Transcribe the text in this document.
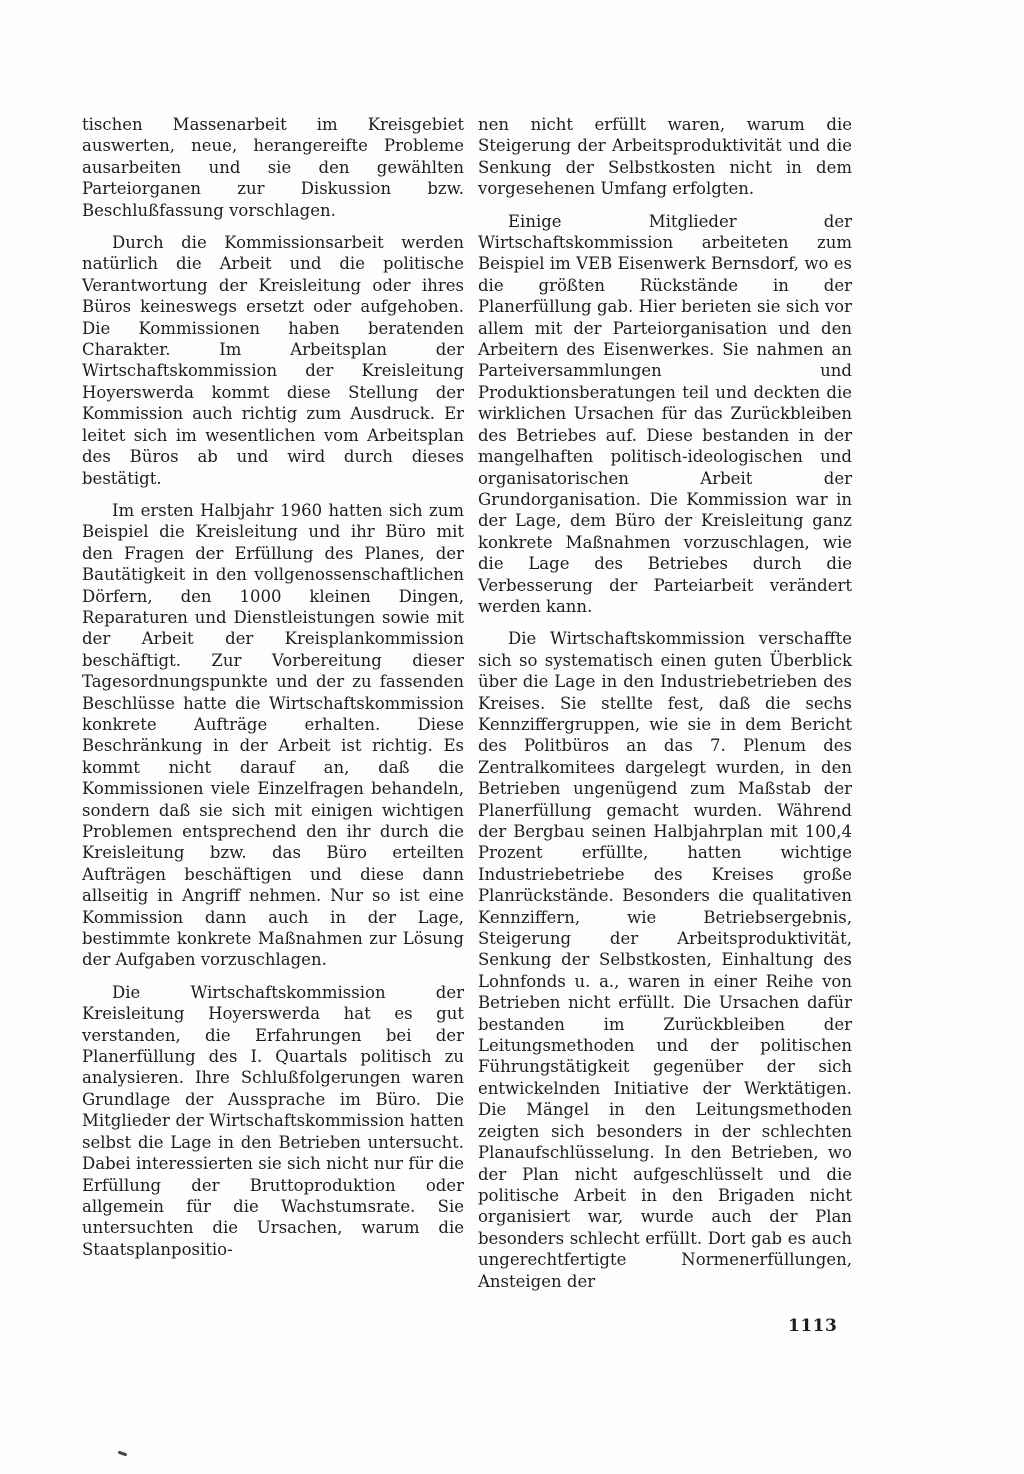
tischen Massenarbeit im Kreisgebiet auswerten, neue, herangereifte Probleme ausarbeiten und sie den gewählten Parteiorganen zur Diskussion bzw. Beschlußfassung vorschlagen.

Durch die Kommissionsarbeit werden natürlich die Arbeit und die politische Verantwortung der Kreisleitung oder ihres Büros keineswegs ersetzt oder aufgehoben. Die Kommissionen haben beratenden Charakter. Im Arbeitsplan der Wirtschaftskommission der Kreisleitung Hoyerswerda kommt diese Stellung der Kommission auch richtig zum Ausdruck. Er leitet sich im wesentlichen vom Arbeitsplan des Büros ab und wird durch dieses bestätigt.

Im ersten Halbjahr 1960 hatten sich zum Beispiel die Kreisleitung und ihr Büro mit den Fragen der Erfüllung des Planes, der Bautätigkeit in den vollgenossenschaftlichen Dörfern, den 1000 kleinen Dingen, Reparaturen und Dienstleistungen sowie mit der Arbeit der Kreisplankommission beschäftigt. Zur Vorbereitung dieser Tagesordnungspunkte und der zu fassenden Beschlüsse hatte die Wirtschaftskommission konkrete Aufträge erhalten. Diese Beschränkung in der Arbeit ist richtig. Es kommt nicht darauf an, daß die Kommissionen viele Einzelfragen behandeln, sondern daß sie sich mit einigen wichtigen Problemen entsprechend den ihr durch die Kreisleitung bzw. das Büro erteilten Aufträgen beschäftigen und diese dann allseitig in Angriff nehmen. Nur so ist eine Kommission dann auch in der Lage, bestimmte konkrete Maßnahmen zur Lösung der Aufgaben vorzuschlagen.

Die Wirtschaftskommission der Kreisleitung Hoyerswerda hat es gut verstanden, die Erfahrungen bei der Planerfüllung des I. Quartals politisch zu analysieren. Ihre Schlußfolgerungen waren Grundlage der Aussprache im Büro. Die Mitglieder der Wirtschaftskommission hatten selbst die Lage in den Betrieben untersucht. Dabei interessierten sie sich nicht nur für die Erfüllung der Bruttoproduktion oder allgemein für die Wachstumsrate. Sie untersuchten die Ursachen, warum die Staatsplanpositio-

nen nicht erfüllt waren, warum die Steigerung der Arbeitsproduktivität und die Senkung der Selbstkosten nicht in dem vorgesehenen Umfang erfolgten.

Einige Mitglieder der Wirtschaftskommission arbeiteten zum Beispiel im VEB Eisenwerk Bernsdorf, wo es die größten Rückstände in der Planerfüllung gab. Hier berieten sie sich vor allem mit der Parteiorganisation und den Arbeitern des Eisenwerkes. Sie nahmen an Parteiversammlungen und Produktionsberatungen teil und deckten die wirklichen Ursachen für das Zurückbleiben des Betriebes auf. Diese bestanden in der mangelhaften politisch-ideologischen und organisatorischen Arbeit der Grundorganisation. Die Kommission war in der Lage, dem Büro der Kreisleitung ganz konkrete Maßnahmen vorzuschlagen, wie die Lage des Betriebes durch die Verbesserung der Parteiarbeit verändert werden kann.

Die Wirtschaftskommission verschaffte sich so systematisch einen guten Überblick über die Lage in den Industriebetrieben des Kreises. Sie stellte fest, daß die sechs Kennziffergruppen, wie sie in dem Bericht des Politbüros an das 7. Plenum des Zentralkomitees dargelegt wurden, in den Betrieben ungenügend zum Maßstab der Planerfüllung gemacht wurden. Während der Bergbau seinen Halbjahrplan mit 100,4 Prozent erfüllte, hatten wichtige Industriebetriebe des Kreises große Planrückstände. Besonders die qualitativen Kennziffern, wie Betriebsergebnis, Steigerung der Arbeitsproduktivität, Senkung der Selbstkosten, Einhaltung des Lohnfonds u. a., waren in einer Reihe von Betrieben nicht erfüllt. Die Ursachen dafür bestanden im Zurückbleiben der Leitungsmethoden und der politischen Führungstätigkeit gegenüber der sich entwickelnden Initiative der Werktätigen. Die Mängel in den Leitungsmethoden zeigten sich besonders in der schlechten Planaufschlüsselung. In den Betrieben, wo der Plan nicht aufgeschlüsselt und die politische Arbeit in den Brigaden nicht organisiert war, wurde auch der Plan besonders schlecht erfüllt. Dort gab es auch ungerechtfertigte Normenerfüllungen, Ansteigen der

1113
